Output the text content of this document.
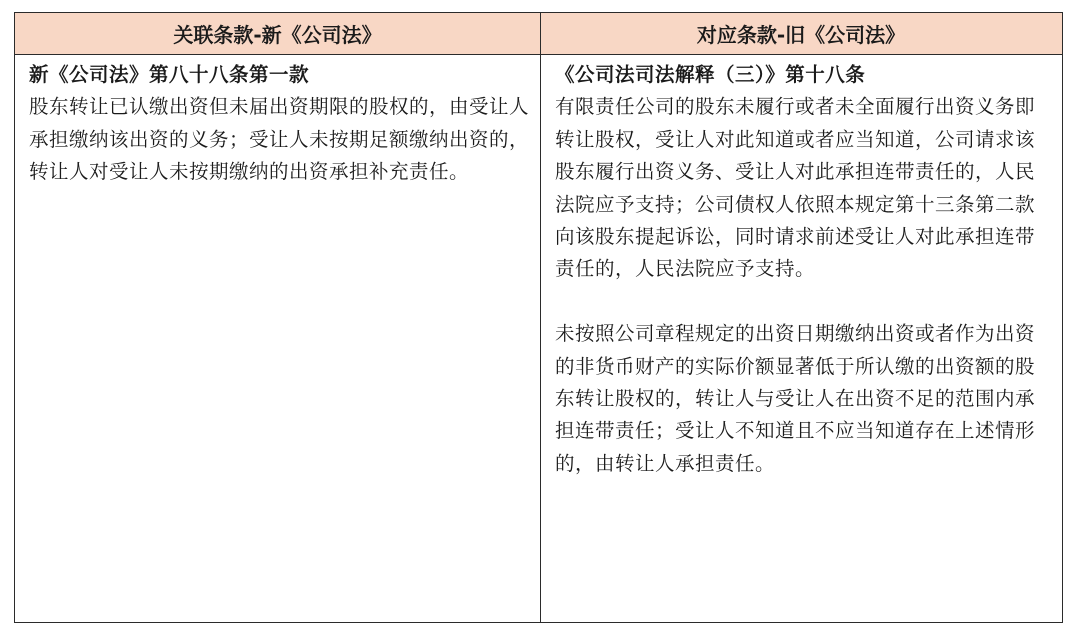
关联条款-新《公司法》	对应条款-旧《公司法》
新《公司法》第八十八条第一款

股东转让已认缴出资但未届出资期限的股权的，由受让人承担缴纳该出资的义务；受让人未按期足额缴纳出资的，转让人对受让人未按期缴纳的出资承担补充责任。

《公司法司法解释（三）》第十八条

有限责任公司的股东未履行或者未全面履行出资义务即转让股权，受让人对此知道或者应当知道，公司请求该股东履行出资义务、受让人对此承担连带责任的，人民法院应予支持；公司债权人依照本规定第十三条第二款向该股东提起诉讼，同时请求前述受让人对此承担连带责任的，人民法院应予支持。

未按照公司章程规定的出资日期缴纳出资或者作为出资的非货币财产的实际价额显著低于所认缴的出资额的股东转让股权的，转让人与受让人在出资不足的范围内承担连带责任；受让人不知道且不应当知道存在上述情形的，由转让人承担责任。
